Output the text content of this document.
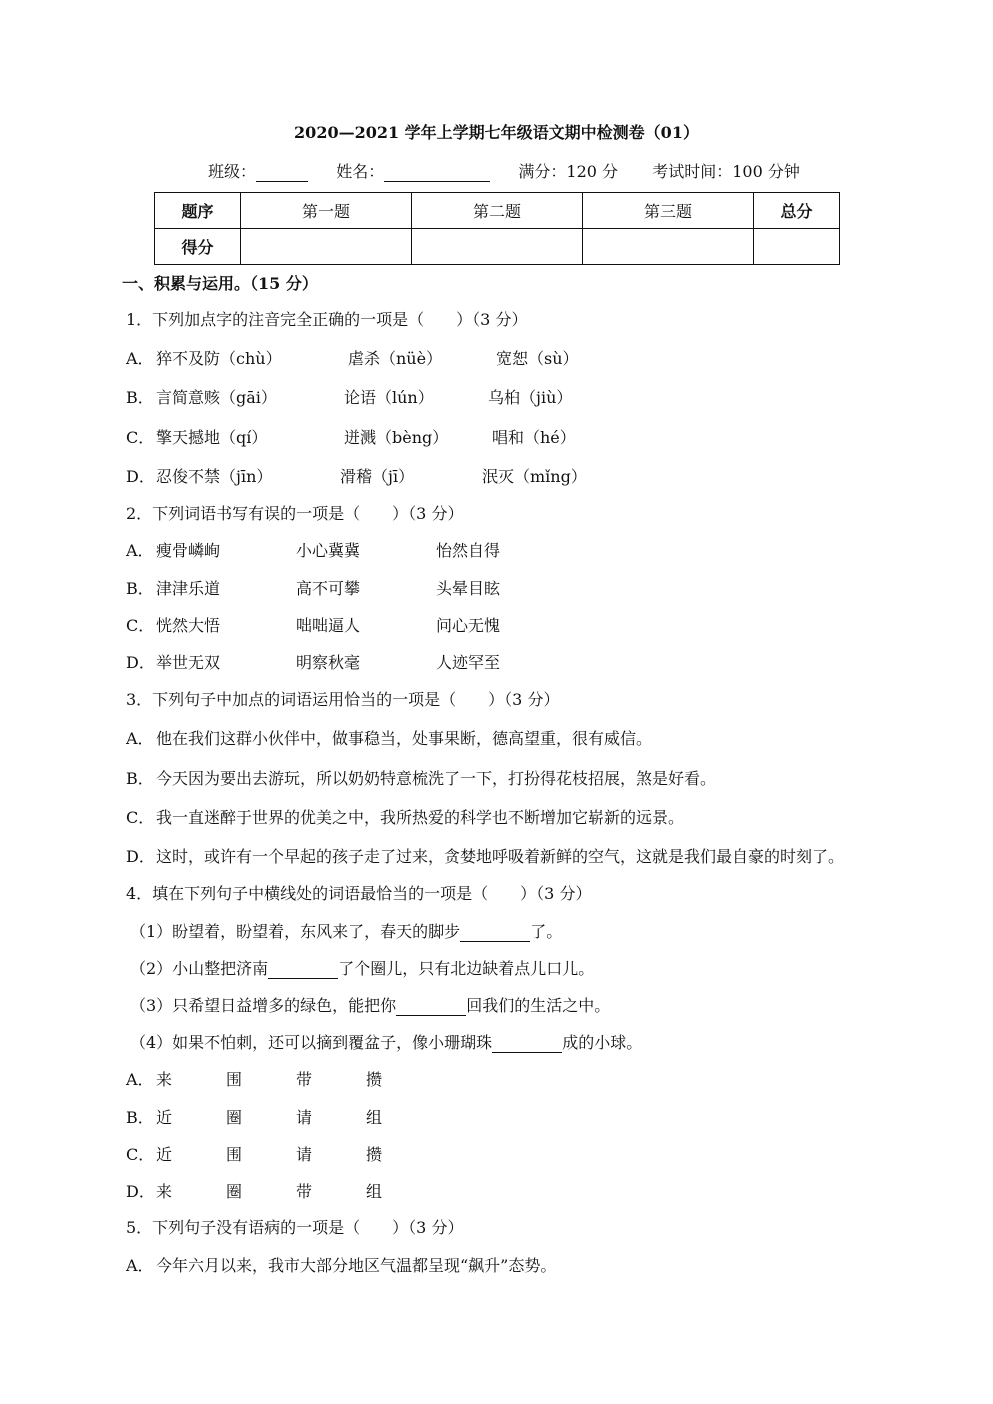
2020—2021 学年上学期七年级语文期中检测卷（01）
班级：	姓名：	满分：120 分 考试时间：100 分钟
题序	第一题	第二题	第三题	总分
得分				
一、积累与运用。（15 分）
1．下列加点字的注音完全正确的一项是（　　）（3 分）
A． 猝不及防（chù）	虐杀（nüè）	宽恕（sù）
B． 言简意赅（gāi）	论语（lún）	乌桕（jiù）
C． 擎天撼地（qí）	迸溅（bèng）	唱和（hé）
D．忍俊不禁（jīn）	滑稽（jī）	泯灭（mǐng）
2．下列词语书写有误的一项是（　　）（3 分）
A． 瘦骨嶙峋	小心冀冀	怡然自得
B． 津津乐道	高不可攀	头晕目眩
C． 恍然大悟	咄咄逼人	问心无愧
D．举世无双	明察秋毫	人迹罕至
3．下列句子中加点的词语运用恰当的一项是（　　）（3 分）
A． 他在我们这群小伙伴中，做事稳当，处事果断，德高望重，很有威信。
B． 今天因为要出去游玩，所以奶奶特意梳洗了一下，打扮得花枝招展，煞是好看。
C． 我一直迷醉于世界的优美之中，我所热爱的科学也不断增加它崭新的远景。
D．这时，或许有一个早起的孩子走了过来，贪婪地呼吸着新鲜的空气，这就是我们最自豪的时刻了。
4．填在下列句子中横线处的词语最恰当的一项是（　　）（3 分）
（1）盼望着，盼望着，东风来了，春天的脚步	了。
（2）小山整把济南	了个圈儿，只有北边缺着点儿口儿。
（3）只希望日益增多的绿色，能把你	回我们的生活之中。
（4）如果不怕刺，还可以摘到覆盆子，像小珊瑚珠	成的小球。
A． 来	围	带	攒
B． 近	圈	请	组
C． 近	围	请	攒
D．来	圈	带	组
5．下列句子没有语病的一项是（　　）（3 分）
A． 今年六月以来，我市大部分地区气温都呈现“飙升”态势。
